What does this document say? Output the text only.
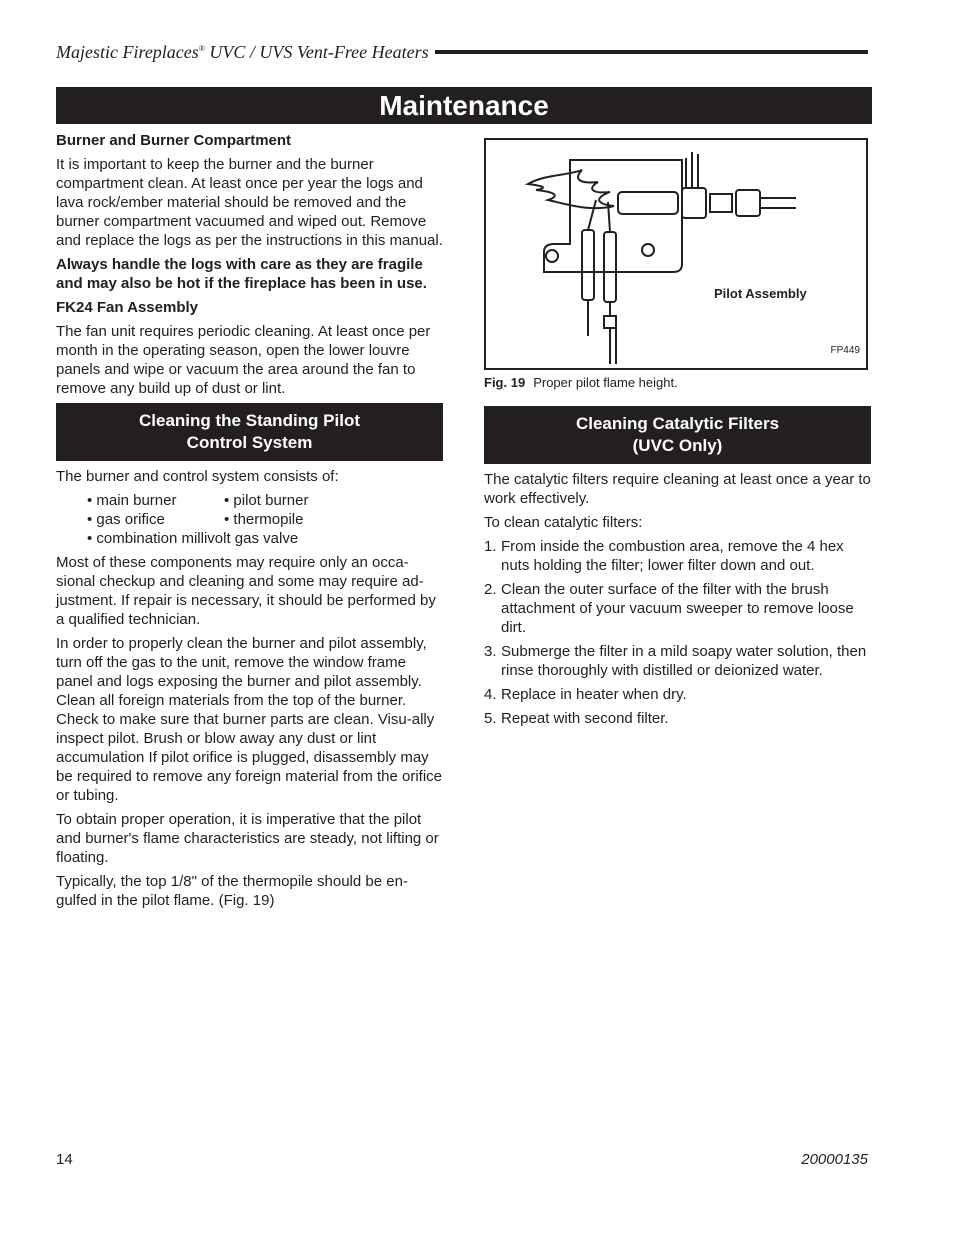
Majestic Fireplaces® UVC / UVS Vent-Free Heaters
Maintenance
Burner and Burner Compartment

It is important to keep the burner and the burner compartment clean. At least once per year the logs and lava rock/ember material should be removed and the burner compartment vacuumed and wiped out. Remove and replace the logs as per the instructions in this manual.

Always handle the logs with care as they are fragile and may also be hot if the fireplace has been in use.

FK24 Fan Assembly

The fan unit requires periodic cleaning. At least once per month in the operating season, open the lower louvre panels and wipe or vacuum the area around the fan to remove any build up of dust or lint.

Cleaning the Standing Pilot
Control System

The burner and control system consists of:

• main burner	• pilot burner
• gas orifice	• thermopile
• combination millivolt gas valve

Most of these components may require only an occa-sional checkup and cleaning and some may require ad-justment. If repair is necessary, it should be performed by a qualified technician.

In order to properly clean the burner and pilot assembly, turn off the gas to the unit, remove the window frame panel and logs exposing the burner and pilot assembly. Clean all foreign materials from the top of the burner. Check to make sure that burner parts are clean. Visu-ally inspect pilot. Brush or blow away any dust or lint accumulation If pilot orifice is plugged, disassembly may be required to remove any foreign material from the orifice or tubing.

To obtain proper operation, it is imperative that the pilot and burner's flame characteristics are steady, not lifting or floating.

Typically, the top 1/8" of the thermopile should be en-gulfed in the pilot flame. (Fig. 19)

Pilot Assembly
FP449
Fig. 19 Proper pilot flame height.
Cleaning Catalytic Filters
(UVC Only)

The catalytic filters require cleaning at least once a year to work effectively.

To clean catalytic filters:

1. From inside the combustion area, remove the 4 hex nuts holding the filter; lower filter down and out.
2. Clean the outer surface of the filter with the brush attachment of your vacuum sweeper to remove loose dirt.
3. Submerge the filter in a mild soapy water solution, then rinse thoroughly with distilled or deionized water.
4. Replace in heater when dry.
5. Repeat with second filter.
14	20000135
